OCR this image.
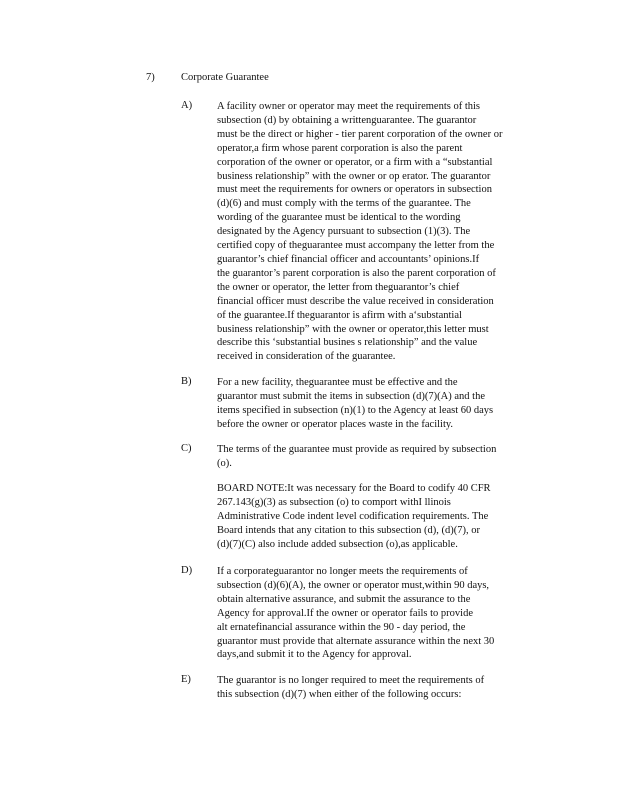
7)	Corporate Guarantee
A) A facility owner or operator may meet the requirements of this
subsection (d) by obtaining a writtenguarantee. The guarantor
must be the direct or higher - tier parent corporation of the owner or
operator,a firm whose parent corporation is also the parent
corporation of the owner or operator, or a firm with a “substantial
business relationship” with the owner or op erator. The guarantor
must meet the requirements for owners or operators in subsection
(d)(6) and must comply with the terms of the guarantee. The
wording of the guarantee must be identical to the wording
designated by the Agency pursuant to subsection (1)(3). The
certified copy of theguarantee must accompany the letter from the
guarantor’s chief financial officer and accountants’ opinions.If
the guarantor’s parent corporation is also the parent corporation of
the owner or operator, the letter from theguarantor’s chief
financial officer must describe the value received in consideration
of the guarantee.If theguarantor is afirm with a‘substantial
business relationship” with the owner or operator,this letter must
describe this ‘substantial busines s relationship” and the value
received in consideration of the guarantee.
B) For a new facility, theguarantee must be effective and the
guarantor must submit the items in subsection (d)(7)(A) and the
items specified in subsection (n)(1) to the Agency at least 60 days
before the owner or operator places waste in the facility.
C) The terms of the guarantee must provide as required by subsection
(o).
BOARD NOTE:It was necessary for the Board to codify 40 CFR
267.143(g)(3) as subsection (o) to comport withI llinois
Administrative Code indent level codification requirements. The
Board intends that any citation to this subsection (d), (d)(7), or
(d)(7)(C) also include added subsection (o),as applicable.
D) If a corporateguarantor no longer meets the requirements of
subsection (d)(6)(A), the owner or operator must,within 90 days,
obtain alternative assurance, and submit the assurance to the
Agency for approval.If the owner or operator fails to provide
alt ernatefinancial assurance within the 90 - day period, the
guarantor must provide that alternate assurance within the next 30
days,and submit it to the Agency for approval.
E) The guarantor is no longer required to meet the requirements of
this subsection (d)(7) when either of the following occurs:
